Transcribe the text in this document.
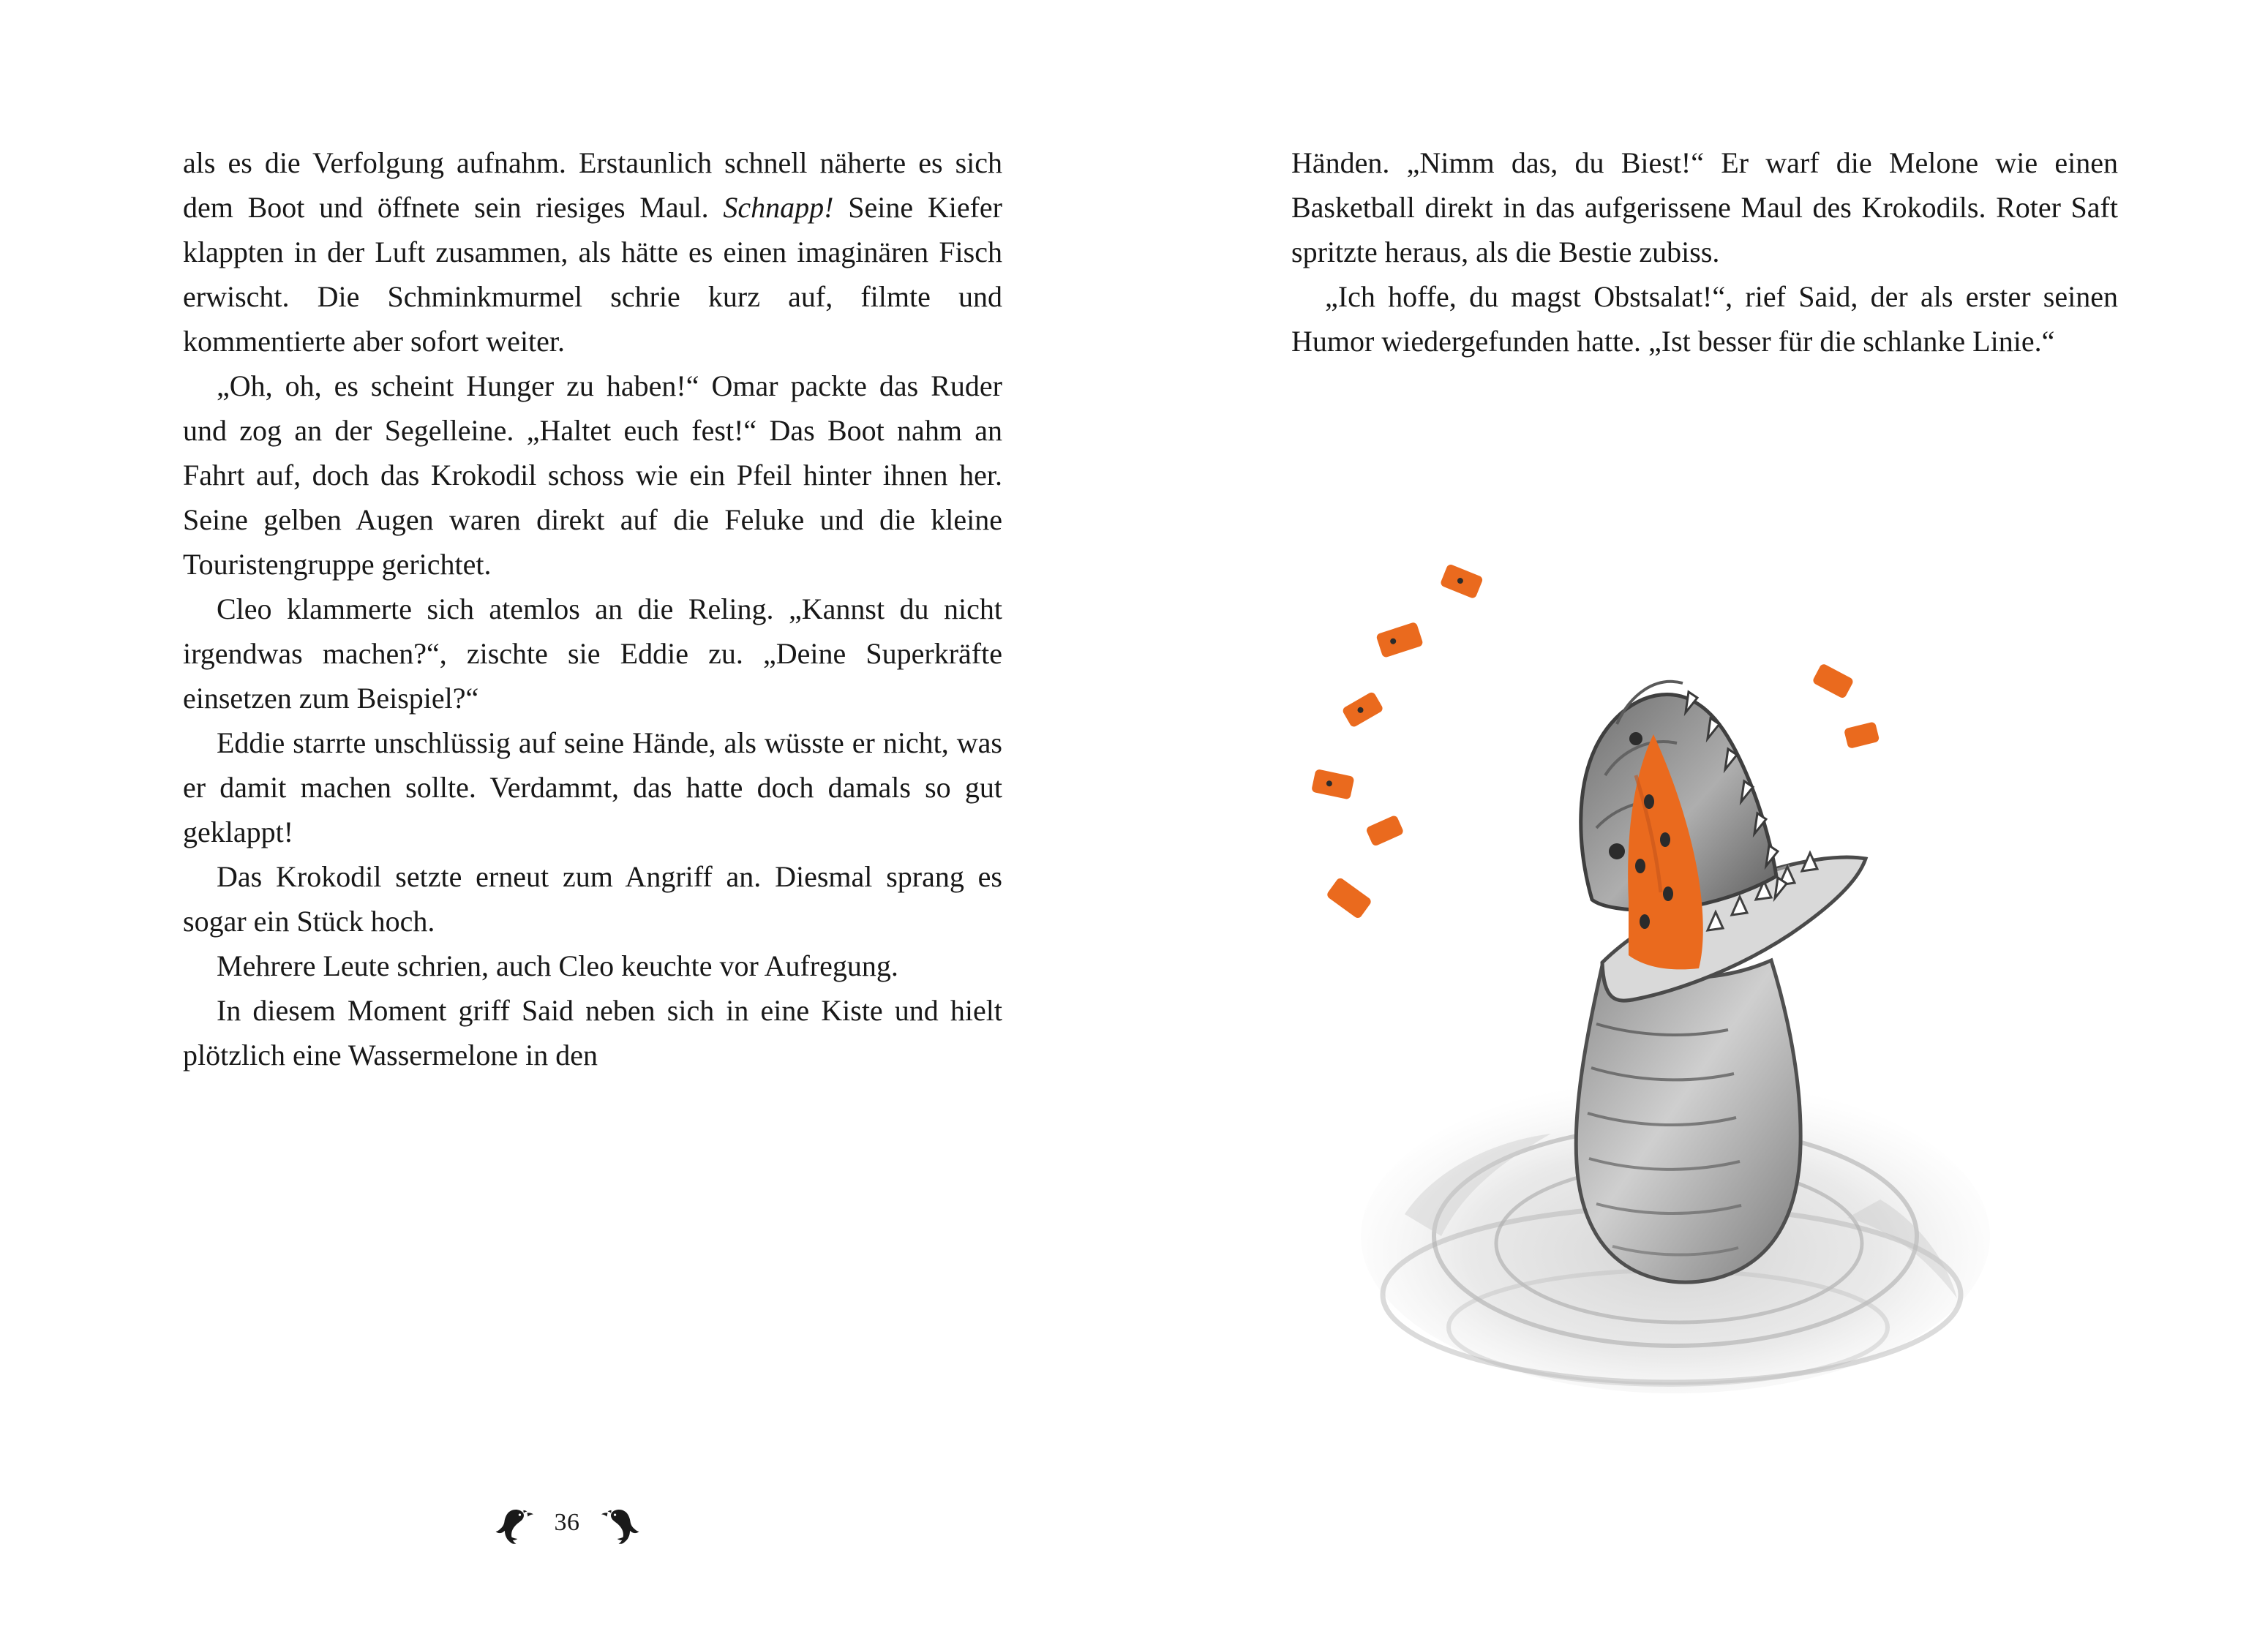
als es die Verfolgung aufnahm. Erstaunlich schnell näherte es sich dem Boot und öffnete sein riesiges Maul. Schnapp! Seine Kiefer klappten in der Luft zusammen, als hätte es einen imaginären Fisch erwischt. Die Schminkmurmel schrie kurz auf, filmte und kommentierte aber sofort weiter.

„Oh, oh, es scheint Hunger zu haben!“ Omar packte das Ruder und zog an der Segelleine. „Haltet euch fest!“ Das Boot nahm an Fahrt auf, doch das Krokodil schoss wie ein Pfeil hinter ihnen her. Seine gelben Augen waren direkt auf die Feluke und die kleine Touristengruppe gerichtet.

Cleo klammerte sich atemlos an die Reling. „Kannst du nicht irgendwas machen?“, zischte sie Eddie zu. „Deine Superkräfte einsetzen zum Beispiel?“

Eddie starrte unschlüssig auf seine Hände, als wüsste er nicht, was er damit machen sollte. Verdammt, das hatte doch damals so gut geklappt!

Das Krokodil setzte erneut zum Angriff an. Diesmal sprang es sogar ein Stück hoch.

Mehrere Leute schrien, auch Cleo keuchte vor Aufregung.

In diesem Moment griff Said neben sich in eine Kiste und hielt plötzlich eine Wassermelone in den

36

Händen. „Nimm das, du Biest!“ Er warf die Melone wie einen Basketball direkt in das aufgerissene Maul des Krokodils. Roter Saft spritzte heraus, als die Bestie zubiss.

„Ich hoffe, du magst Obstsalat!“, rief Said, der als erster seinen Humor wiedergefunden hatte. „Ist besser für die schlanke Linie.“
